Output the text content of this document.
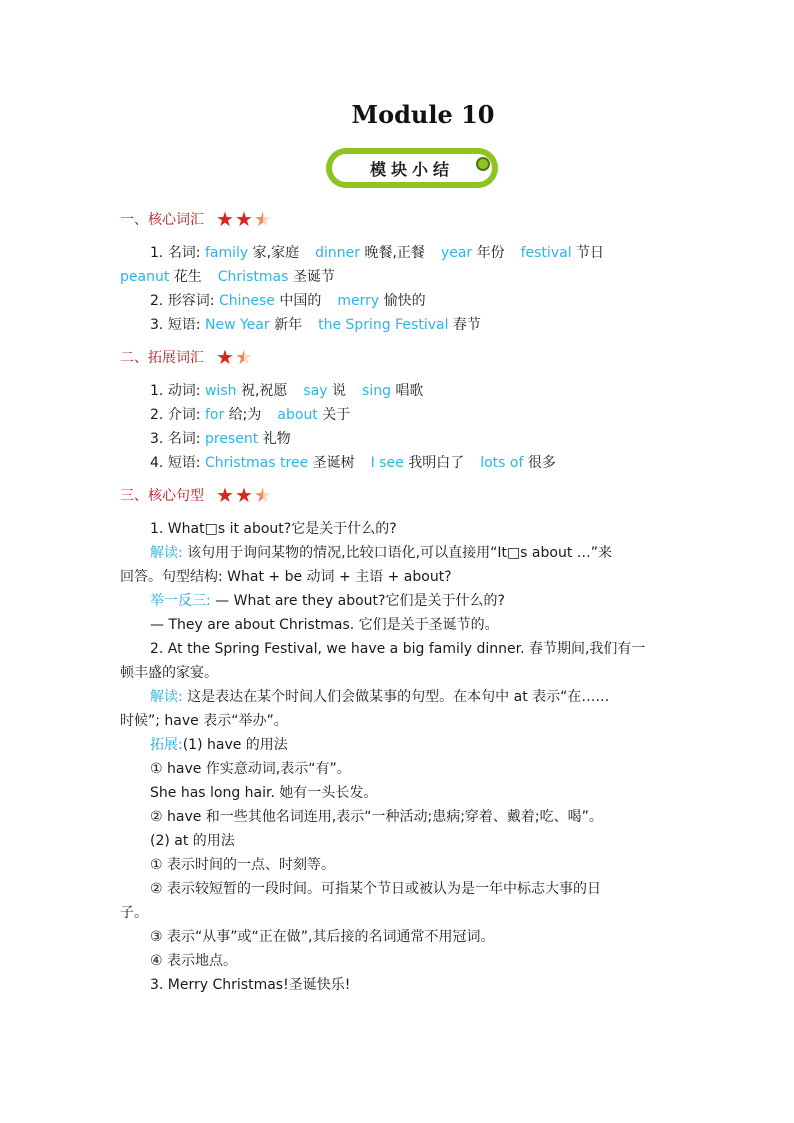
Module 10
模块小结
一、核心词汇 ★ ★ ★
1. 名词: family 家,家庭 dinner 晚餐,正餐 year 年份 festival 节日
peanut 花生 Christmas 圣诞节
2. 形容词: Chinese 中国的 merry 愉快的
3. 短语: New Year 新年 the Spring Festival 春节
二、拓展词汇 ★ ★
1. 动词: wish 祝,祝愿 say 说 sing 唱歌
2. 介词: for 给;为 about 关于
3. 名词: present 礼物
4. 短语: Christmas tree 圣诞树 I see 我明白了 lots of 很多
三、核心句型 ★ ★ ★
1. What□s it about?它是关于什么的?
解读: 该句用于询问某物的情况,比较口语化,可以直接用“It□s about …”来
回答。句型结构: What + be 动词 + 主语 + about?
举一反三: — What are they about?它们是关于什么的?
— They are about Christmas. 它们是关于圣诞节的。
2. At the Spring Festival, we have a big family dinner. 春节期间,我们有一
顿丰盛的家宴。
解读: 这是表达在某个时间人们会做某事的句型。在本句中 at 表示“在……
时候”; have 表示“举办”。
拓展:(1) have 的用法
① have 作实意动词,表示“有”。
She has long hair. 她有一头长发。
② have 和一些其他名词连用,表示“一种活动;患病;穿着、戴着;吃、喝”。
(2) at 的用法
① 表示时间的一点、时刻等。
② 表示较短暂的一段时间。可指某个节日或被认为是一年中标志大事的日
子。
③ 表示“从事”或“正在做”,其后接的名词通常不用冠词。
④ 表示地点。
3. Merry Christmas!圣诞快乐!
